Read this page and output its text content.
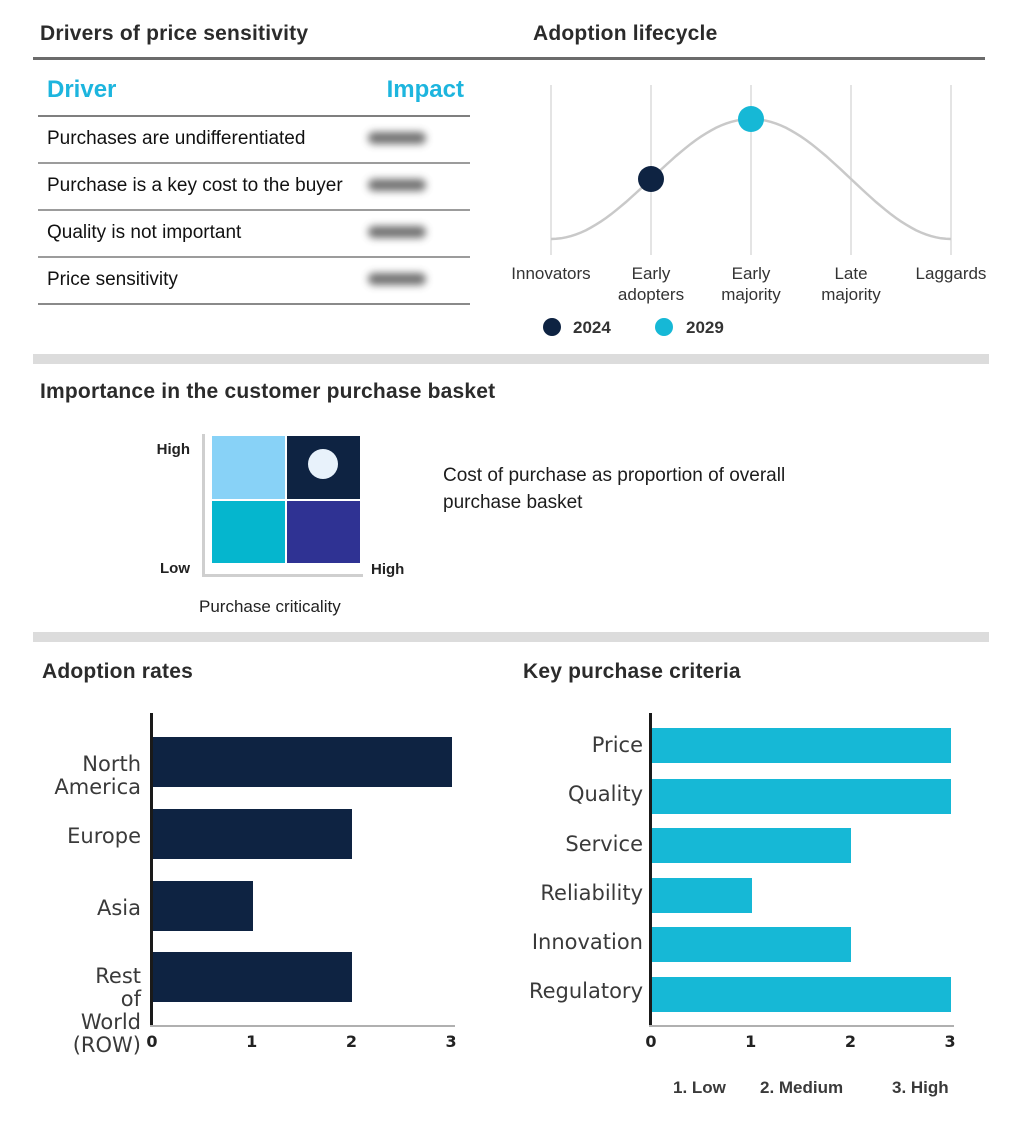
Drivers of price sensitivity	Adoption lifecycle
Driver	Impact
Purchases are undifferentiated
Purchase is a key cost to the buyer
Quality is not important
Price sensitivity	Innovators	Early
adopters
Early
majority
Late
majority
Laggards
2024	2029
Importance in the customer purchase basket
High
Low	High
Purchase criticality
Cost of purchase as proportion of overall purchase basket
Adoption rates	Key purchase criteria
North
America
Europe
Asia
Rest
of
World
(ROW) 0	1	2	3
Price
Quality
Service
Reliability
Innovation
Regulatory
0	1	2	3
1. Low 2. Medium	3. High
